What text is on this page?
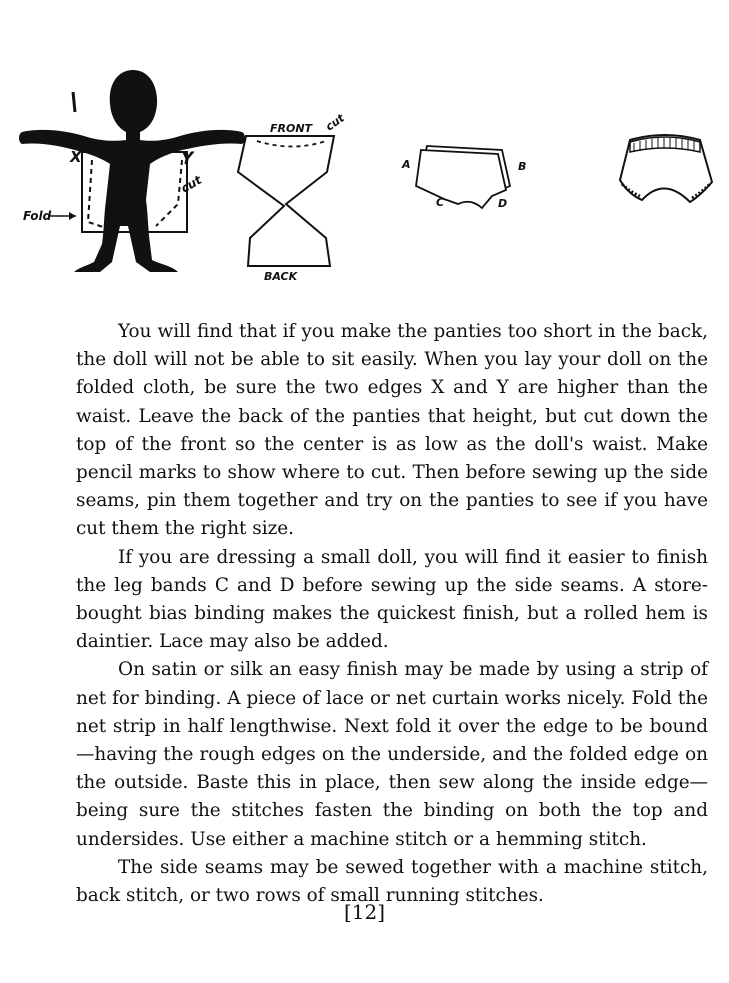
Fold
X	Y
cut
FRONT cut
BACK
A	B
C	D

You will find that if you make the panties too short in the back, the doll will not be able to sit easily. When you lay your doll on the folded cloth, be sure the two edges X and Y are higher than the waist. Leave the back of the panties that height, but cut down the top of the front so the center is as low as the doll's waist. Make pencil marks to show where to cut. Then before sewing up the side seams, pin them together and try on the panties to see if you have cut them the right size.

If you are dressing a small doll, you will find it easier to finish the leg bands C and D before sewing up the side seams. A store-bought bias binding makes the quickest finish, but a rolled hem is daintier. Lace may also be added.

On satin or silk an easy finish may be made by using a strip of net for binding. A piece of lace or net curtain works nicely. Fold the net strip in half lengthwise. Next fold it over the edge to be bound—having the rough edges on the underside, and the folded edge on the outside. Baste this in place, then sew along the inside edge—being sure the stitches fasten the binding on both the top and undersides. Use either a machine stitch or a hemming stitch.

The side seams may be sewed together with a machine stitch, back stitch, or two rows of small running stitches.

[12]
